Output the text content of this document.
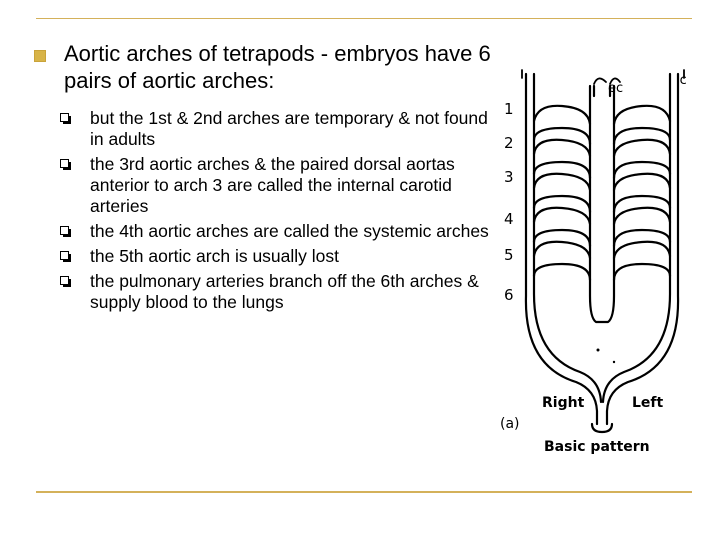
Aortic arches of tetrapods - embryos have 6 pairs of aortic arches:

but the 1st & 2nd arches are temporary & not found in adults
the 3rd aortic arches & the paired dorsal aortas anterior to arch 3 are called the internal carotid arteries
the 4th aortic arches are called the systemic arches
the 5th aortic arch is usually lost
the pulmonary arteries branch off the 6th arches & supply blood to the lungs
1
2
3
4
5
6
ec
ic
Right	Left
(a)
Basic pattern
